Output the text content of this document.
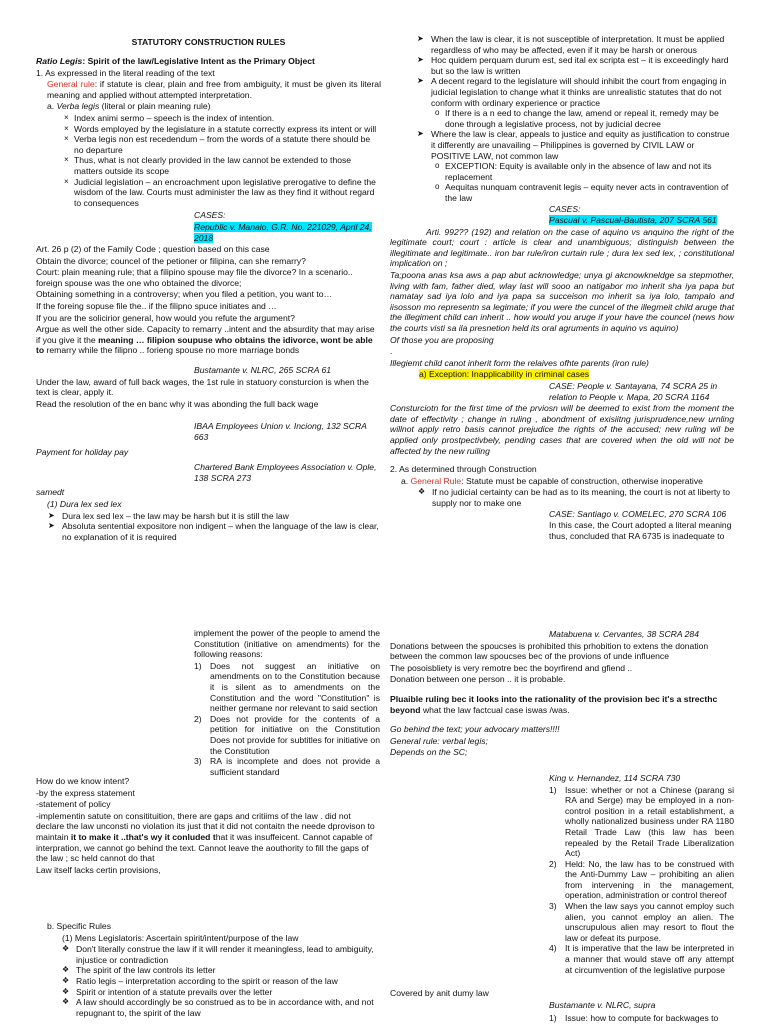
STATUTORY CONSTRUCTION RULES
Ratio Legis: Spirit of the law/Legislative Intent as the Primary Object
1. As expressed in the literal reading of the text
General rule: if statute is clear, plain and free from ambiguity, it must be given its literal meaning and applied without attempted interpretation.
a. Verba legis (literal or plain meaning rule)
× Index animi sermo – speech is the index of intention.
× Words employed by the legislature in a statute correctly express its intent or will
× Verba legis non est recedendum – from the words of a statute there should be no departure
× Thus, what is not clearly provided in the law cannot be extended to those matters outside its scope
× Judicial legislation – an encroachment upon legislative prerogative to define the wisdom of the law. Courts must administer the law as they find it without regard to consequences
CASES:
Republic v. Manalo, G.R. No. 221029, April 24, 2018
Art. 26 p (2) of the Family Code ; question based on this case
Obtain the divorce; councel of the petioner or filipina, can she remarry?
Court: plain meaning rule; that a filipino spouse may file the divorce? In a scenario.. foreign spouse was the one who obtained the divorce;
Obtaining something in a controversy; when you filed a petition, you want to…
If the foreing sopuse file the.. if the filipno spuce initiates and …
If you are the solicirior general, how would you refute the argument?
Argue as well the other side. Capacity to remarry ..intent and the absurdity that may arise if you give it the meaning … filipion soupuse who obtains the idivorce, wont be able to remarry while the filipno .. forieng spouse no more marriage bonds
Bustamante v. NLRC, 265 SCRA 61
Under the law, award of full back wages, the 1st rule in statuory consturcion is when the text is clear, apply it.
Read the resolution of the en banc why it was abonding the full back wage
IBAA Employees Union v. Inciong, 132 SCRA 663
Payment for holiday pay
Chartered Bank Employees Association v. Ople, 138 SCRA 273
samedt
(1) Dura lex sed lex
➤ Dura lex sed lex – the law may be harsh but it is still the law
➤ Absoluta sentential expositore non indigent – when the language of the law is clear, no explanation of it is required
➤ When the law is clear, it is not susceptible of interpretation. It must be applied regardless of who may be affected, even if it may be harsh or onerous
➤ Hoc quidem perquam durum est, sed ital ex scripta est – it is exceedingly hard but so the law is written
➤ A decent regard to the legislature will should inhibit the court from engaging in judicial legislation to change what it thinks are unrealistic statutes that do not conform with ordinary experience or practice
o If there is a n eed to change the law, amend or repeal it, remedy may be done through a legislative process, not by judicial decree
➤ Where the law is clear, appeals to justice and equity as justification to construe it differently are unavailing – Philippines is governed by CIVIL LAW or POSITIVE LAW, not common law
o EXCEPTION: Equity is available only in the absence of law and not its replacement
o Aequitas nunquam contravenit legis – equity never acts in contravention of the law
CASES:
Pascual v. Pascual-Bautista, 207 SCRA 561
Arti. 992?? (192) and relation on the case of aquino vs anquino the right of the legitimate court; court : article is clear and unambiguous; distinguish between the illegitimate and legitimate.. iron bar rule/iron curtain rule ; dura lex sed lex, ; constitutional implication on ;
Ta;poona anas ksa aws a pap abut acknowledge; unya gi akcnowkneldge sa stepmother, living with fam, father died, wlay last will sooo an natigabor mo inherit sha iya papa but namatay sad iya lolo and iya papa sa succeison mo inherit sa iya lolo, tampalo and iisosson mo representn sa legimate; if you were the cuncel of the illegmeit child aruge that the illegiment child can inherit .. how would you aruge if your have the councel (news how the courts visti sa ila presnetion held its oral agruments in aquino vs aquino)
Of those you are proposing
.
Illegiemt child canot inherit form the relaives ofhte parents (iron rule)
a) Exception: Inapplicability in criminal cases
CASE: People v. Santayana, 74 SCRA 25 in relation to People v. Mapa, 20 SCRA 1164
Consturciotn for the first time of the prviosn will be deemed to exist from the moment the date of effectivity ; change in ruling , abondment of exisiitng jurisprudence,new urnling willnot apply retro basis cannot prejudice the rights of the accused; new ruling wil be applied only prostpectivbely, pending cases that are covered when the old will not be affected by the new ruiling
2. As determined through Construction
a. General Rule: Statute must be capable of construction, otherwise inoperative
❖ If no judicial certainty can be had as to its meaning, the court is not at liberty to supply nor to make one
CASE: Santiago v. COMELEC, 270 SCRA 106
In this case, the Court adopted a literal meaning thus, concluded that RA 6735 is inadequate to
implement the power of the people to amend the Constitution (initiative on amendments) for the following reasons:
1) Does not suggest an initiative on amendments on to the Constitution because it is silent as to amendments on the Constitution and the word "Constitution" is neither germane nor relevant to said section
2) Does not provide for the contents of a petition for initiative on the Constitution Does not provide for subtitles for initiative on the Constitution
3) RA is incomplete and does not provide a sufficient standard
How do we know intent?
-by the express statement
-statement of policy
-implementin satute on consitituition, there are gaps and critiims of the law . did not declare the law unconsti no violation its just that it did not contaitn the neede dprovison to maintain it to make it ..that's wy it conluded that it was insuffeicent. Cannot capable of interpration, we cannot go behind the text. Cannot leave the aouthority to fill the gaps of the law ; sc held cannot do that
Law itself lacks certin provisions,
Matabuena v. Cervantes, 38 SCRA 284
Donations between the spoucses is prohibited this prhobition to extens the donation between the common law spoucses bec of the provions of unde influence
The posoisbliety is very remotre bec the boyrfirend and gfiend ..
Donation between one person .. it is probable.
Pluaible ruling bec it looks into the rationality of the provision bec it's a strecthc beyond what the law factcual case iswas /was.
Go behind the text; your advocary matters!!!!
General rule: verbal legis;
Depends on the SC;
King v. Hernandez, 114 SCRA 730
1) Issue: whether or not a Chinese (parang si RA and Serge) may be employed in a non-control position in a retail establishment, a wholly nationalized business under RA 1180 Retail Trade Law (this law has been repealed by the Retail Trade Liberalization Act)
2) Held: No, the law has to be construed with the Anti-Dummy Law – prohibiting an alien from intervening in the management, operation, administration or control thereof
3) When the law says you cannot employ such alien, you cannot employ an alien. The unscrupulous alien may resort to flout the law or defeat its purpose.
4) It is imperative that the law be interpreted in a manner that would stave off any attempt at circumvention of the legislative purpose
Covered by anit dumy law
Bustamante v. NLRC, supra
1) Issue: how to compute for backwages to
b. Specific Rules
(1) Mens Legislatoris: Ascertain spirit/intent/purpose of the law
❖ Don't literally construe the law if it will render it meaningless, lead to ambiguity, injustice or contradiction
❖ The spirit of the law controls its letter
❖ Ratio legis – interpretation according to the spirit or reason of the law
❖ Spirit or intention of a statute prevails over the letter
❖ A law should accordingly be so construed as to be in accordance with, and not repugnant to, the spirit of the law
